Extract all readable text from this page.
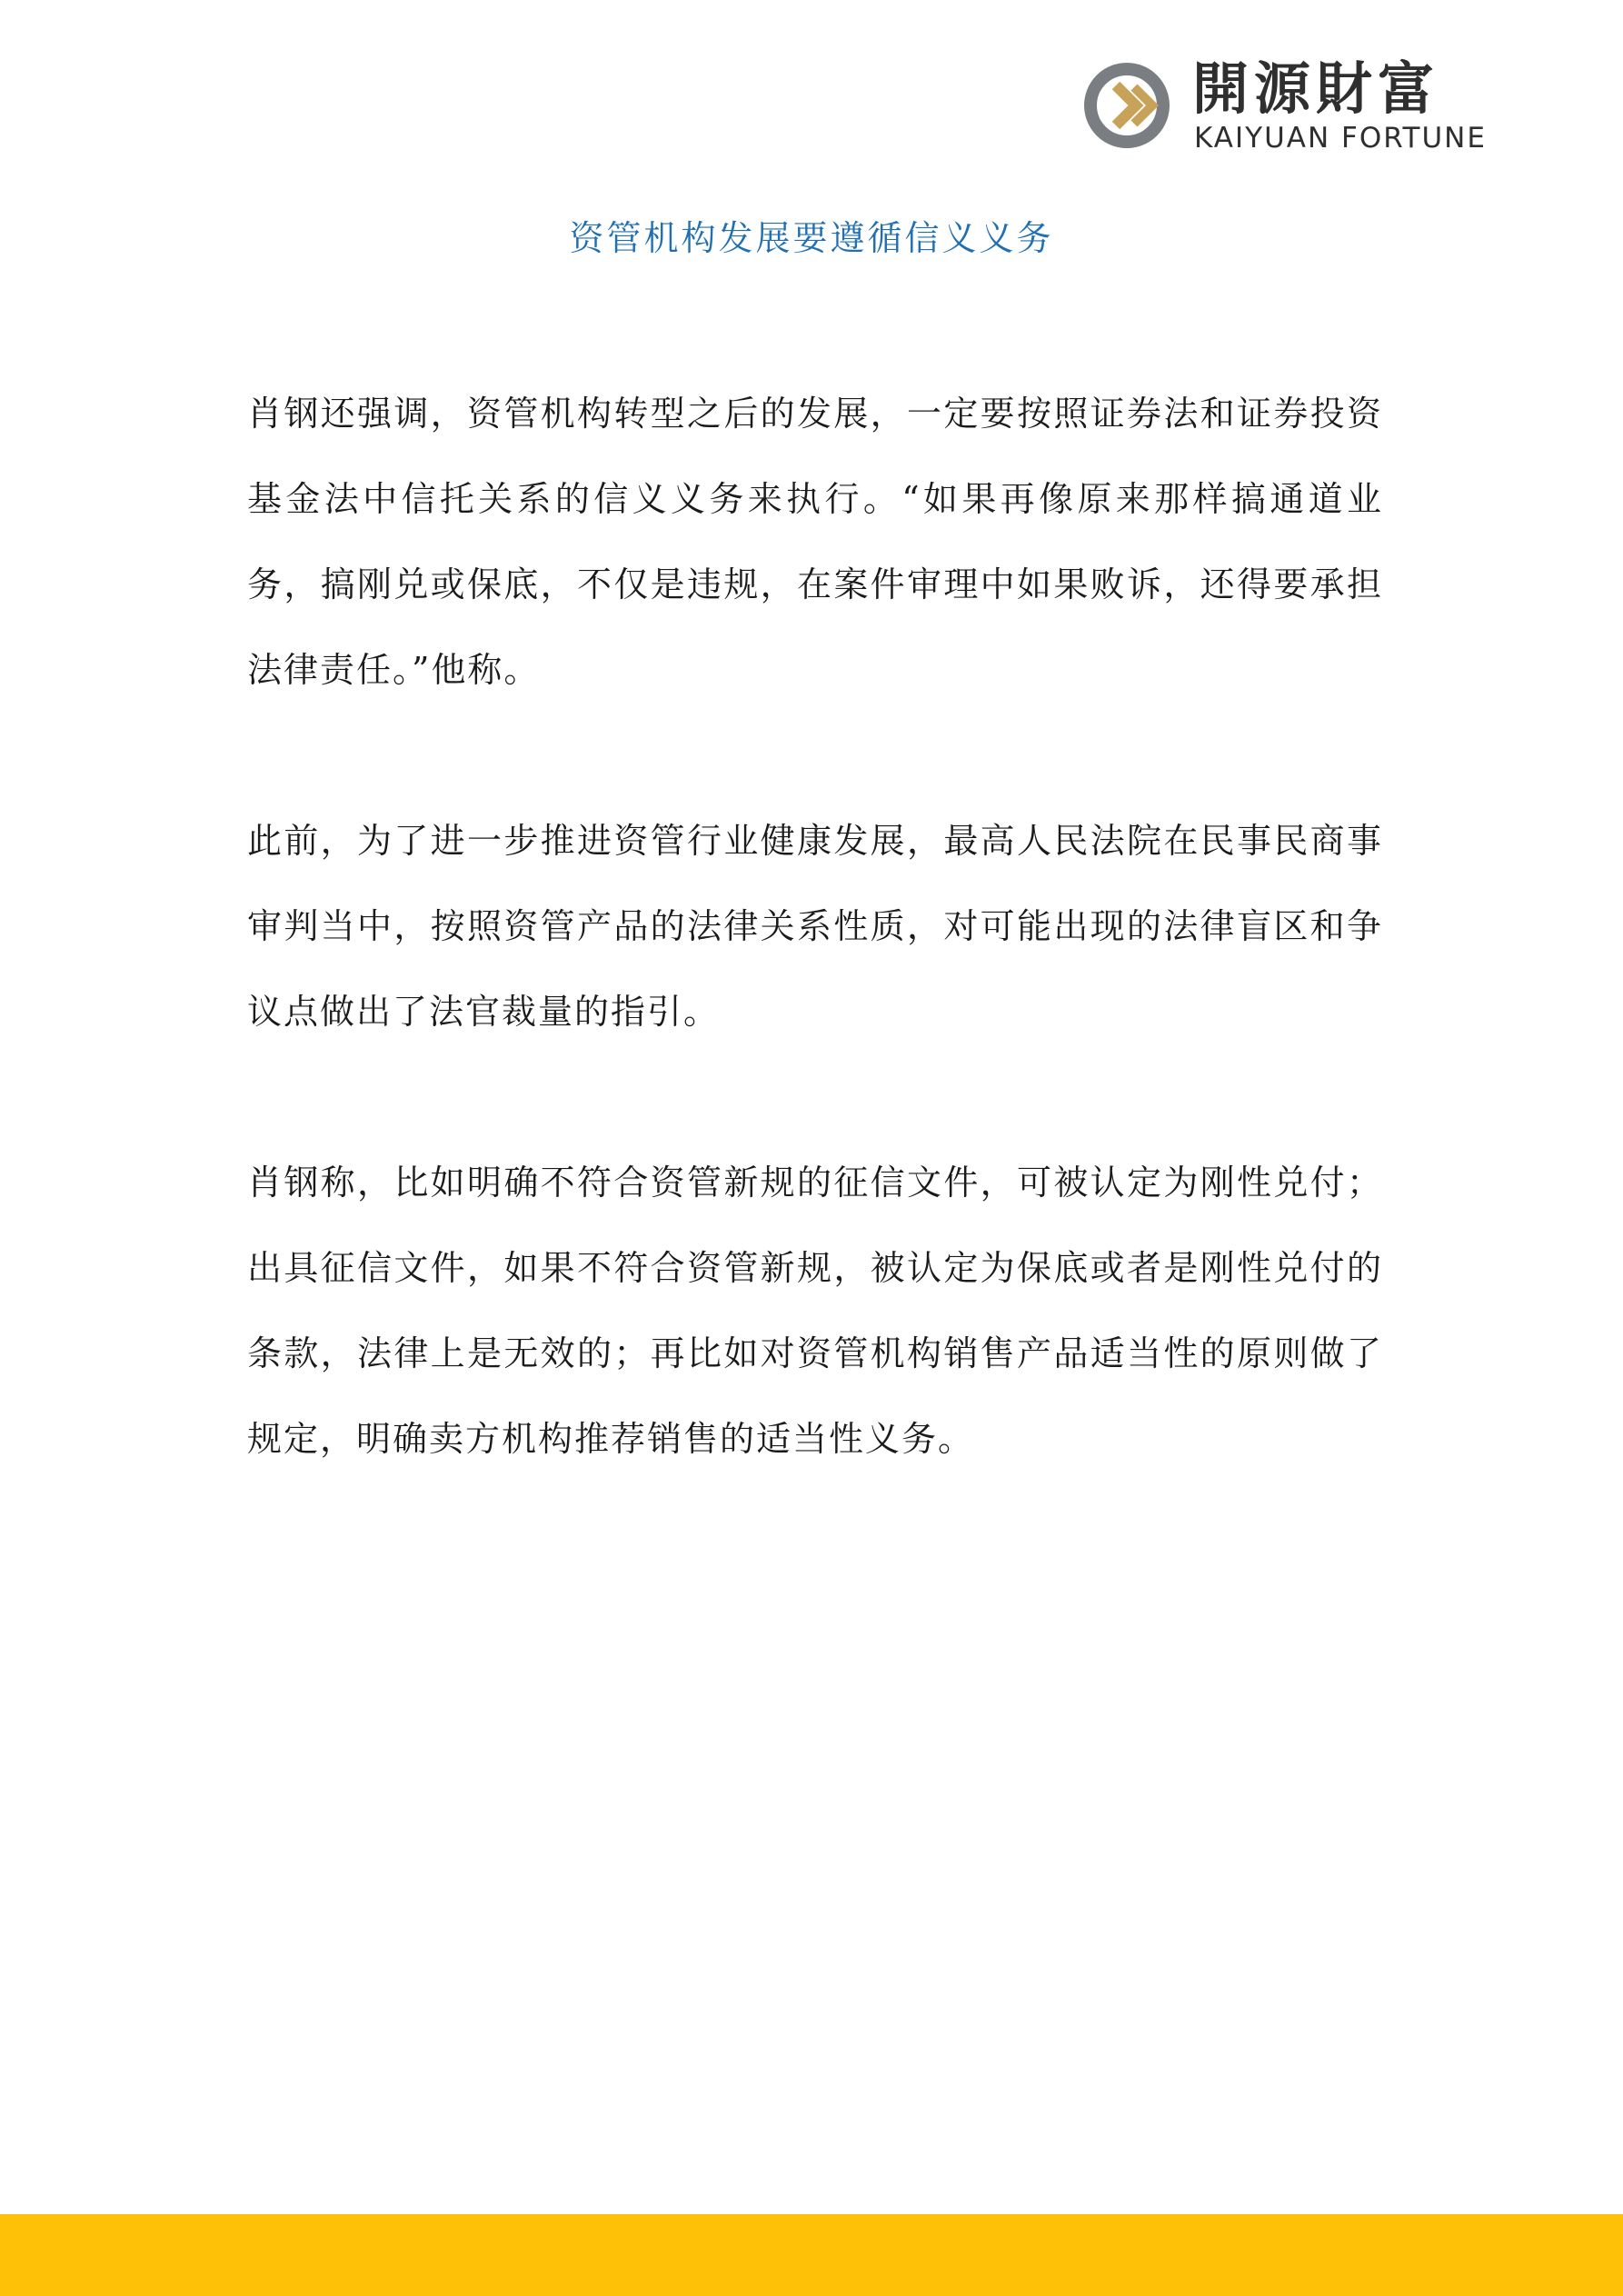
開源財富
KAIYUAN FORTUNE
资管机构发展要遵循信义义务

肖钢还强调，资管机构转型之后的发展，一定要按照证券法和证券投资基金法中信托关系的信义义务来执行。“如果再像原来那样搞通道业务，搞刚兑或保底，不仅是违规，在案件审理中如果败诉，还得要承担法律责任。”他称。

此前，为了进一步推进资管行业健康发展，最高人民法院在民事民商事审判当中，按照资管产品的法律关系性质，对可能出现的法律盲区和争议点做出了法官裁量的指引。

肖钢称，比如明确不符合资管新规的征信文件，可被认定为刚性兑付；出具征信文件，如果不符合资管新规，被认定为保底或者是刚性兑付的条款，法律上是无效的；再比如对资管机构销售产品适当性的原则做了规定，明确卖方机构推荐销售的适当性义务。
